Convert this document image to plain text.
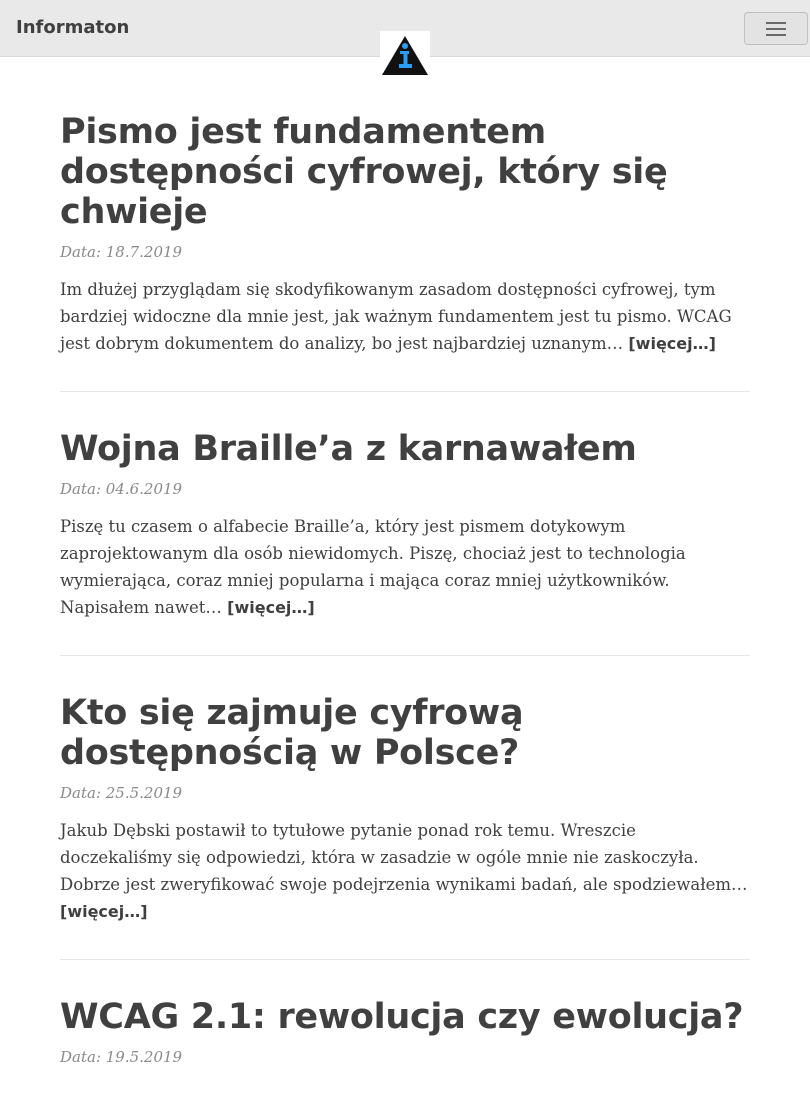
Informaton
Pismo jest fundamentem dostępności cyfrowej, który się chwieje

Data: 18.7.2019

Im dłużej przyglądam się skodyfikowanym zasadom dostępności cyfrowej, tym bardziej widoczne dla mnie jest, jak ważnym fundamentem jest tu pismo. WCAG jest dobrym dokumentem do analizy, bo jest najbardziej uznanym… [więcej…]

Wojna Braille’a z karnawałem

Data: 04.6.2019

Piszę tu czasem o alfabecie Braille’a, który jest pismem dotykowym zaprojektowanym dla osób niewidomych. Piszę, chociaż jest to technologia wymierająca, coraz mniej popularna i mająca coraz mniej użytkowników. Napisałem nawet… [więcej…]

Kto się zajmuje cyfrową dostępnością w Polsce?

Data: 25.5.2019

Jakub Dębski postawił to tytułowe pytanie ponad rok temu. Wreszcie doczekaliśmy się odpowiedzi, która w zasadzie w ogóle mnie nie zaskoczyła. Dobrze jest zweryfikować swoje podejrzenia wynikami badań, ale spodziewałem… [więcej…]

WCAG 2.1: rewolucja czy ewolucja?

Data: 19.5.2019
